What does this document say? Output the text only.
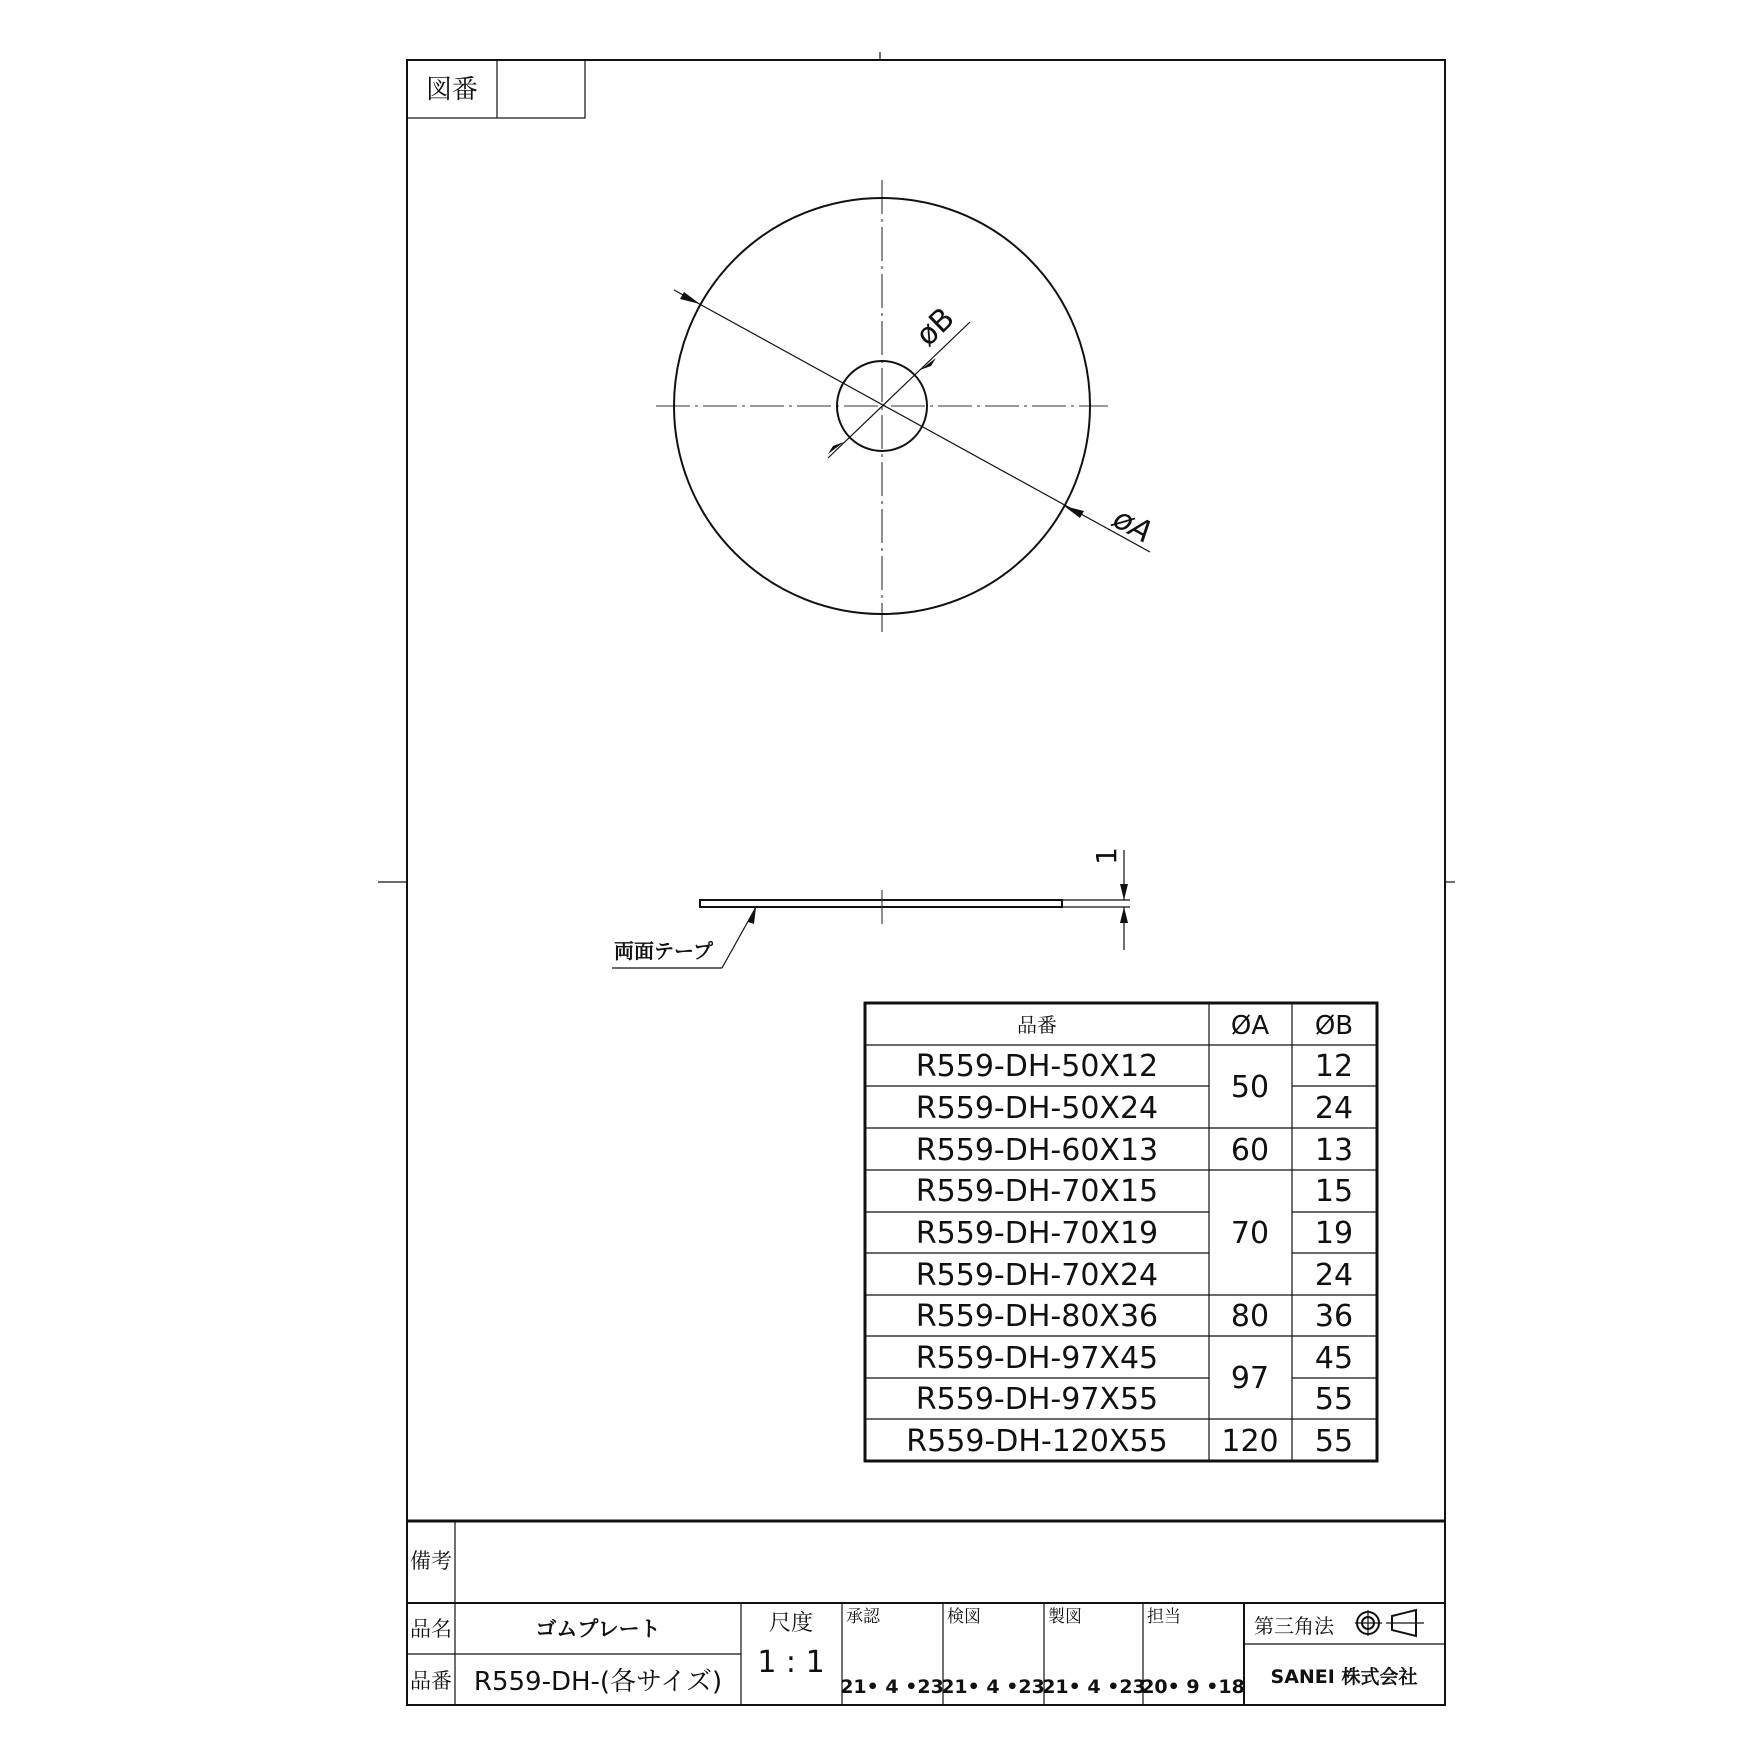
図番
øA
øB
1
両面テープ
品番	ØA ØB
R559-DH-50X12
R559-DH-50X24
R559-DH-60X13
R559-DH-70X15
R559-DH-70X19
R559-DH-70X24
R559-DH-80X36
R559-DH-97X45
R559-DH-97X55
R559-DH-120X55
50
60
70
80
97
120
12
24
13
15
19
24
36
45
55
55
備考
品名	ゴムプレート
品番 R559-DH-(各サイズ)
尺度
1 : 1
承認
21• 4 •23
検図
21• 4 •23
製図
21• 4 •23
担当
20• 9 •18
第三角法
SANEI 株式会社
